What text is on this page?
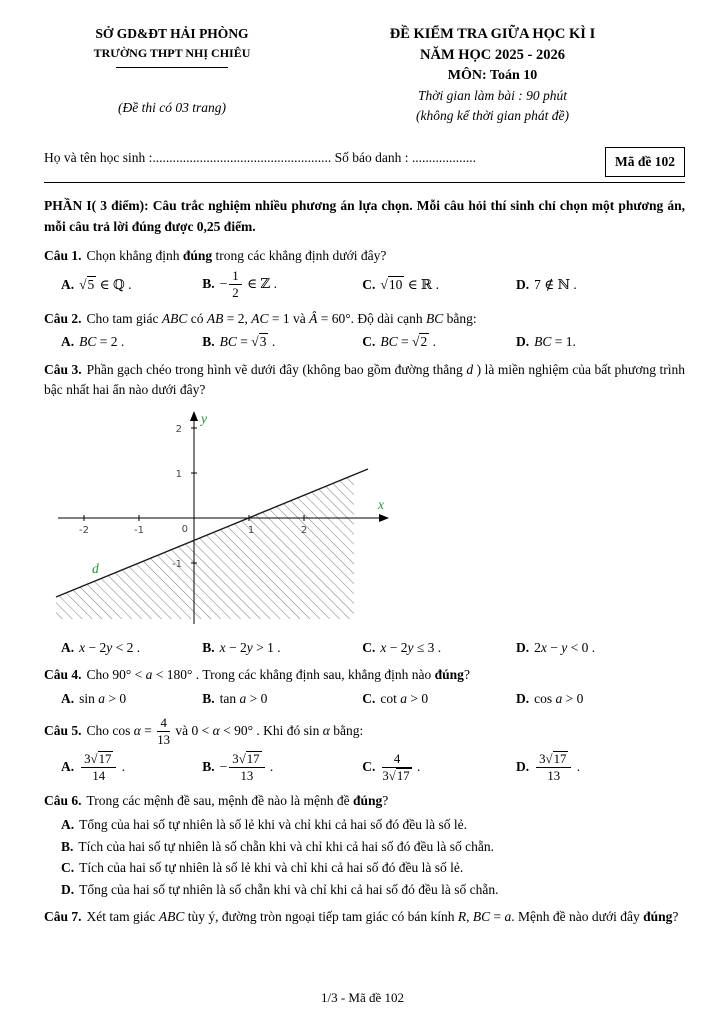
SỞ GD&ĐT HẢI PHÒNG
TRƯỜNG THPT NHỊ CHIÊU
(Đề thi có 03 trang)
ĐỀ KIỂM TRA GIỮA HỌC KÌ I
NĂM HỌC 2025 - 2026
MÔN: Toán 10
Thời gian làm bài : 90 phút
(không kể thời gian phát đề)
Họ và tên học sinh :..................................................... Số báo danh : ...................	Mã đề 102

PHẦN I( 3 điểm): Câu trắc nghiệm nhiều phương án lựa chọn. Mỗi câu hỏi thí sinh chỉ chọn một phương án, mỗi câu trả lời đúng được 0,25 điểm.

Câu 1. Chọn khẳng định đúng trong các khẳng định dưới đây?

A. √5 ∈ ℚ .	B. − $\frac{1}{2}$ ∈ ℤ .	C. √10 ∈ ℝ .	D. 7 ∉ ℕ .

Câu 2. Cho tam giác ABC có AB = 2, AC = 1 và Â = 60°. Độ dài cạnh BC bằng:

A. BC = 2 .	B. BC = √3 .	C. BC = √2 .	D. BC = 1.

Câu 3. Phần gạch chéo trong hình vẽ dưới đây (không bao gồm đường thẳng d ) là miền nghiệm của bất phương trình bậc nhất hai ẩn nào dưới đây?

2
1
-1
-2	-1	0	1	2
y
x
d
A. x − 2y < 2 .	B. x − 2y > 1 .	C. x − 2y ≤ 3 .	D. 2x − y < 0 .

Câu 4. Cho 90° < a < 180° . Trong các khẳng định sau, khẳng định nào đúng?

A. sin a > 0	B. tan a > 0	C. cot a > 0	D. cos a > 0

Câu 5. Cho $\cos \alpha = \frac{4}{13}$ và 0 < α < 90° . Khi đó sin α bằng:

A. $\frac{3√17}{14}$ .	B. − $\frac{3√17}{13}$ .	C. $\frac{4}{3√17}$ .	D. $\frac{3√17}{13}$ .

Câu 6. Trong các mệnh đề sau, mệnh đề nào là mệnh đề đúng?

A. Tổng của hai số tự nhiên là số lẻ khi và chỉ khi cả hai số đó đều là số lẻ.
B. Tích của hai số tự nhiên là số chẵn khi và chỉ khi cả hai số đó đều là số chẵn.
C. Tích của hai số tự nhiên là số lẻ khi và chỉ khi cả hai số đó đều là số lẻ.
D. Tổng của hai số tự nhiên là số chẵn khi và chỉ khi cả hai số đó đều là số chẵn.

Câu 7. Xét tam giác ABC tùy ý, đường tròn ngoại tiếp tam giác có bán kính R, BC = a. Mệnh đề nào dưới đây đúng?

1/3 - Mã đề 102
